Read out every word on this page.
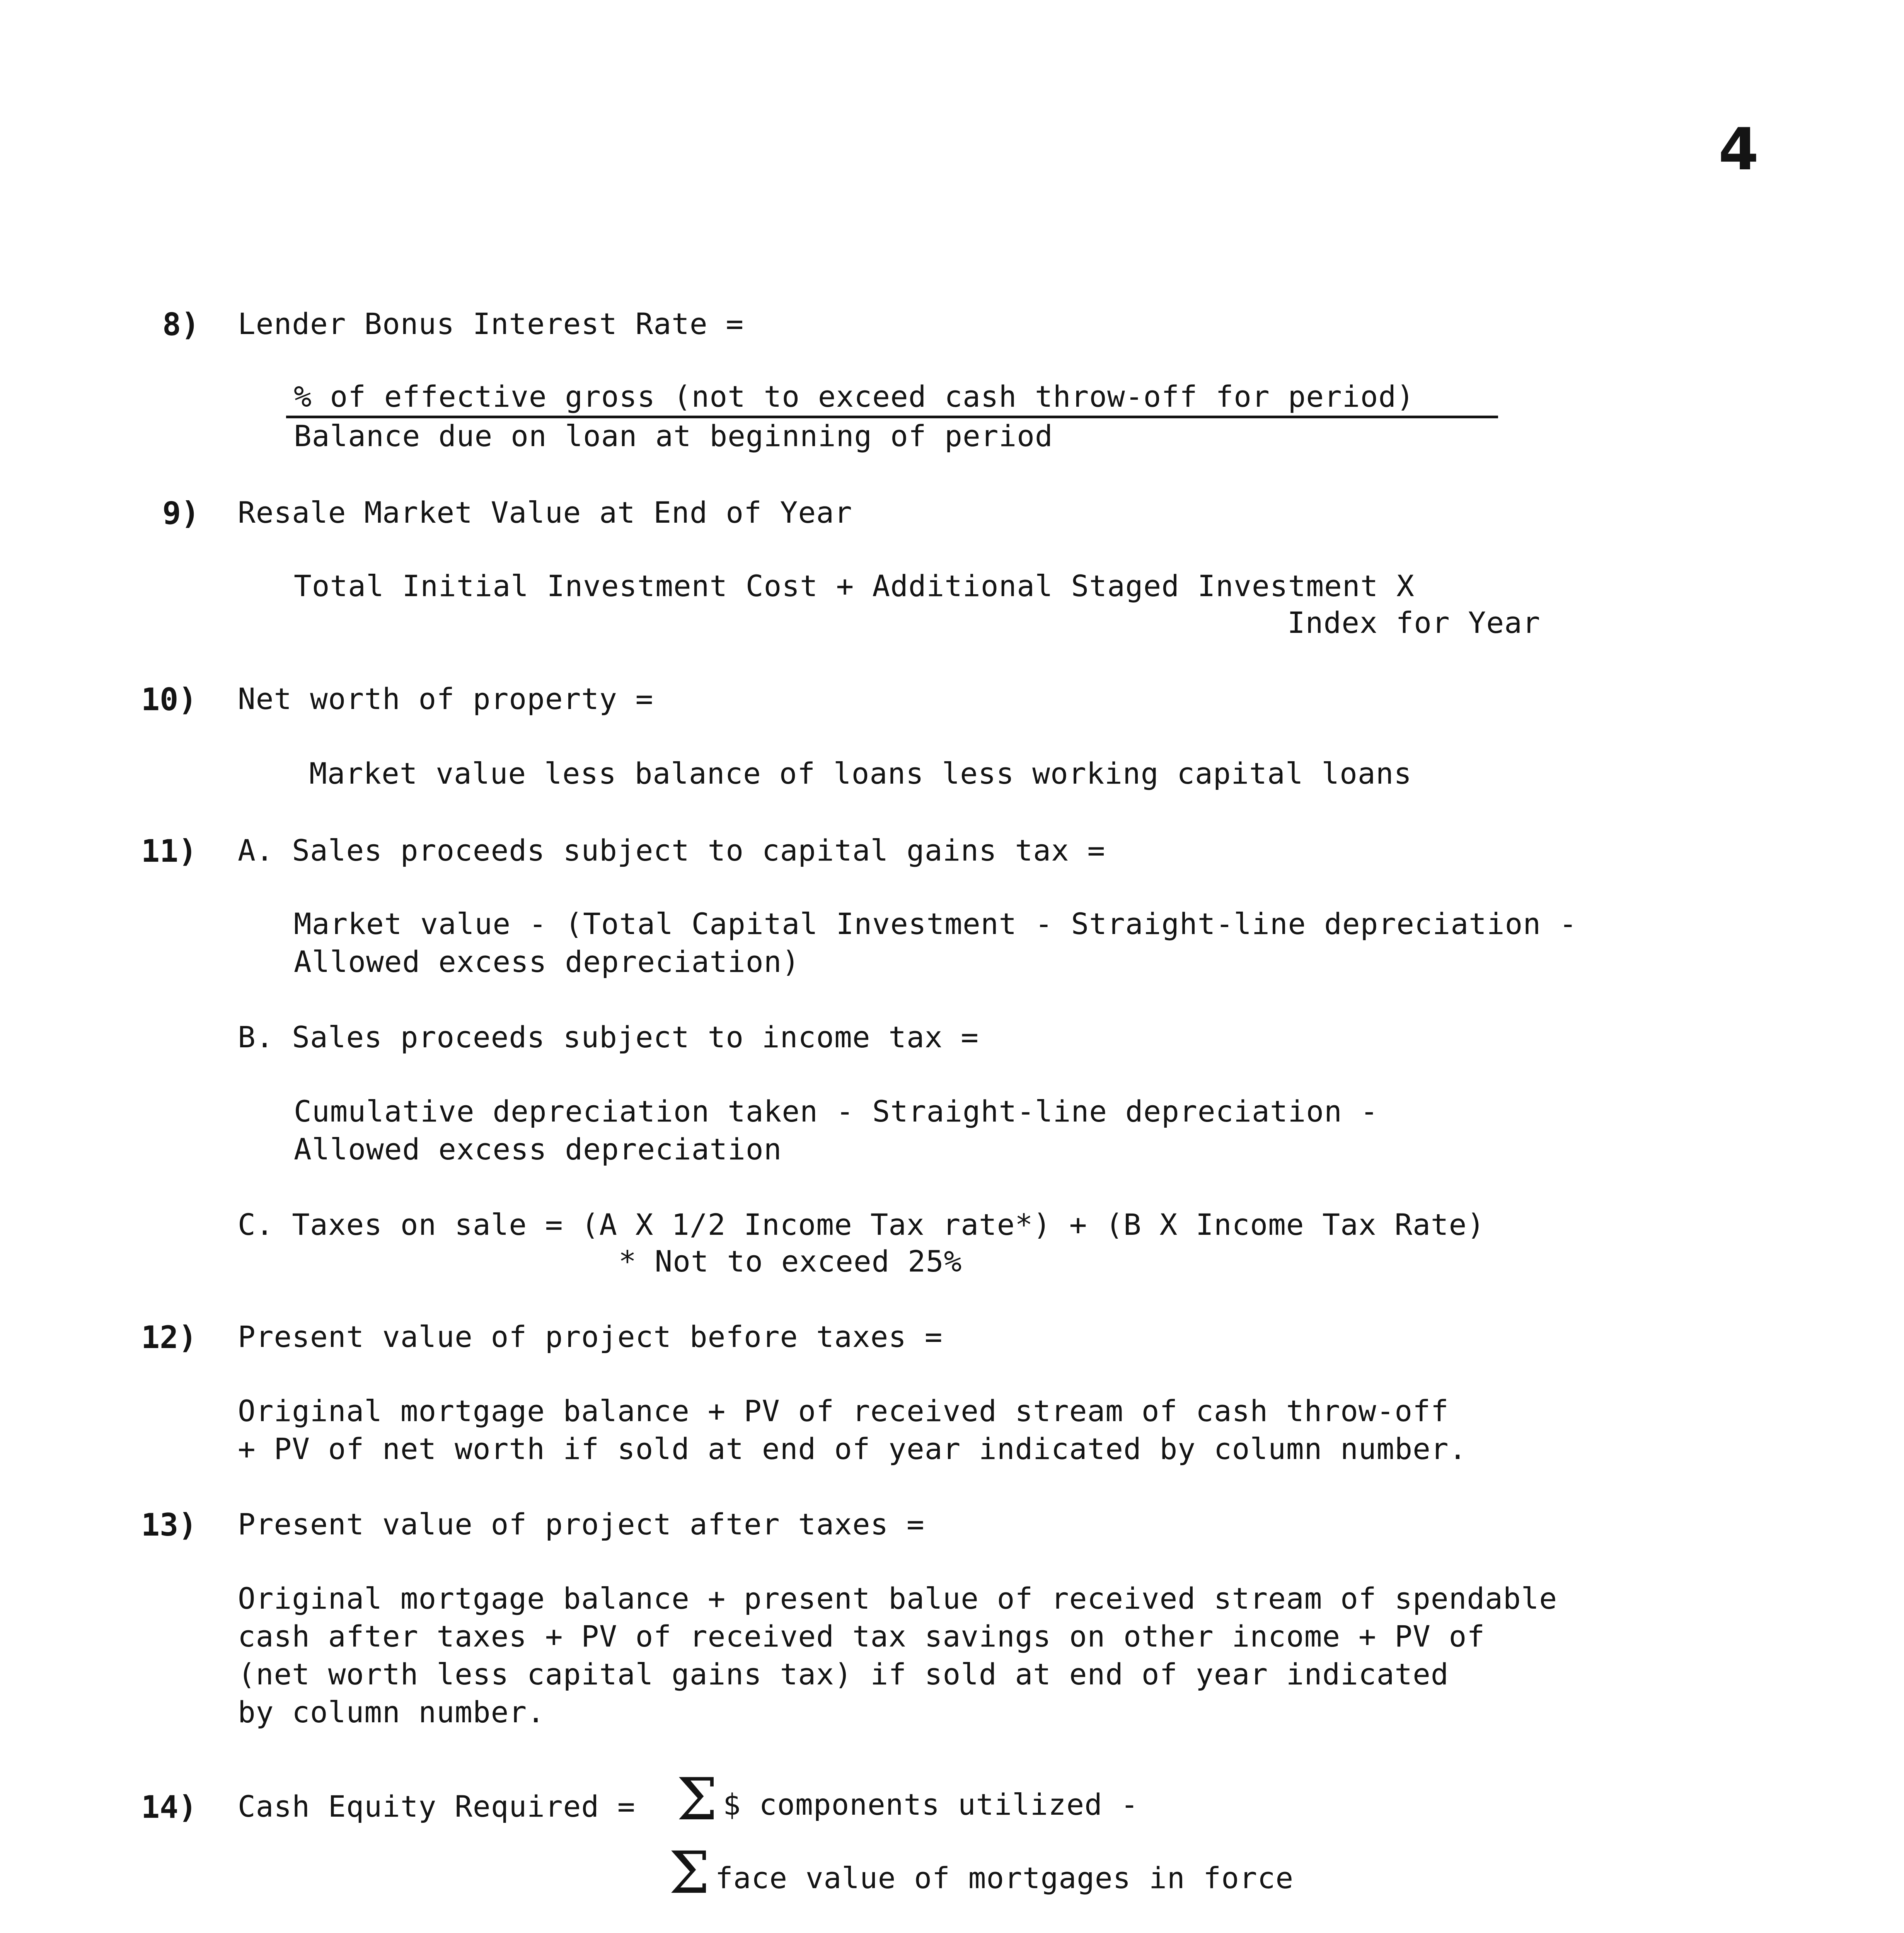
4
8) Lender Bonus Interest Rate =
% of effective gross (not to exceed cash throw-off for period)
Balance due on loan at beginning of period
9) Resale Market Value at End of Year
Total Initial Investment Cost + Additional Staged Investment X
Index for Year
10) Net worth of property =
Market value less balance of loans less working capital loans
11) A. Sales proceeds subject to capital gains tax =
Market value - (Total Capital Investment - Straight-line depreciation -
Allowed excess depreciation)
B. Sales proceeds subject to income tax =
Cumulative depreciation taken - Straight-line depreciation -
Allowed excess depreciation
C. Taxes on sale = (A X 1/2 Income Tax rate*) + (B X Income Tax Rate)
* Not to exceed 25%
12) Present value of project before taxes =
Original mortgage balance + PV of received stream of cash throw-off
+ PV of net worth if sold at end of year indicated by column number.
13) Present value of project after taxes =
Original mortgage balance + present balue of received stream of spendable
cash after taxes + PV of received tax savings on other income + PV of
(net worth less capital gains tax) if sold at end of year indicated
by column number.
14) Cash Equity Required = Σ $ components utilized -
Σ face value of mortgages in force
